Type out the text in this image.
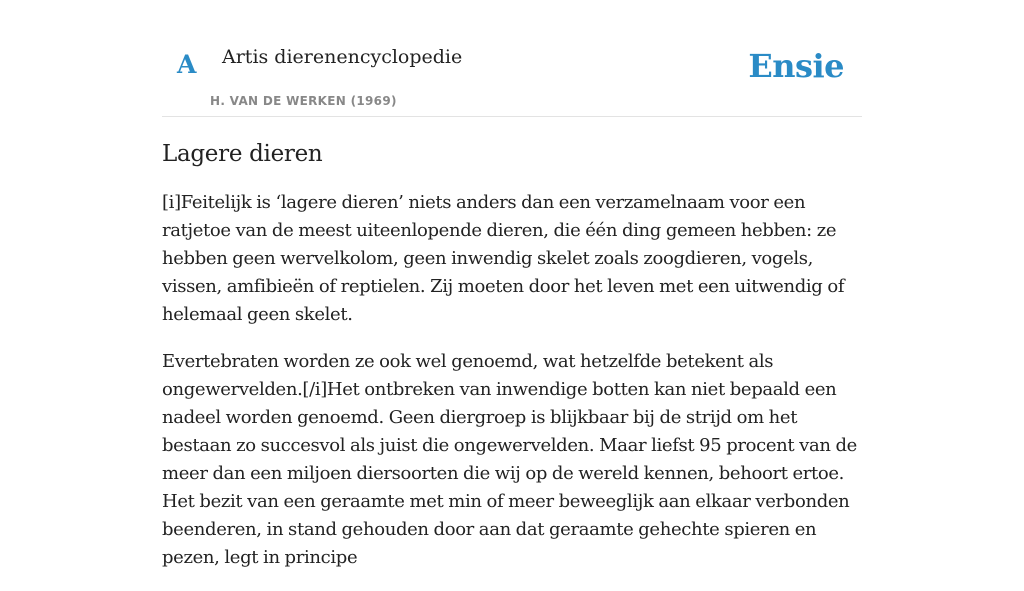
A Artis dierenencyclopedie
H. VAN DE WERKEN (1969)
Ensie
Lagere dieren

[i]Feitelijk is ‘lagere dieren’ niets anders dan een verzamelnaam voor een ratjetoe van de meest uiteenlopende dieren, die één ding gemeen hebben: ze hebben geen wervelkolom, geen inwendig skelet zoals zoogdieren, vogels, vissen, amfibieën of reptielen. Zij moeten door het leven met een uitwendig of helemaal geen skelet.

Evertebraten worden ze ook wel genoemd, wat hetzelfde betekent als ongewervelden.[/i]Het ontbreken van inwendige botten kan niet bepaald een nadeel worden genoemd. Geen diergroep is blijkbaar bij de strijd om het bestaan zo succesvol als juist die ongewervelden. Maar liefst 95 procent van de meer dan een miljoen diersoorten die wij op de wereld kennen, behoort ertoe. Het bezit van een geraamte met min of meer beweeglijk aan elkaar verbonden beenderen, in stand gehouden door aan dat geraamte gehechte spieren en pezen, legt in principe
